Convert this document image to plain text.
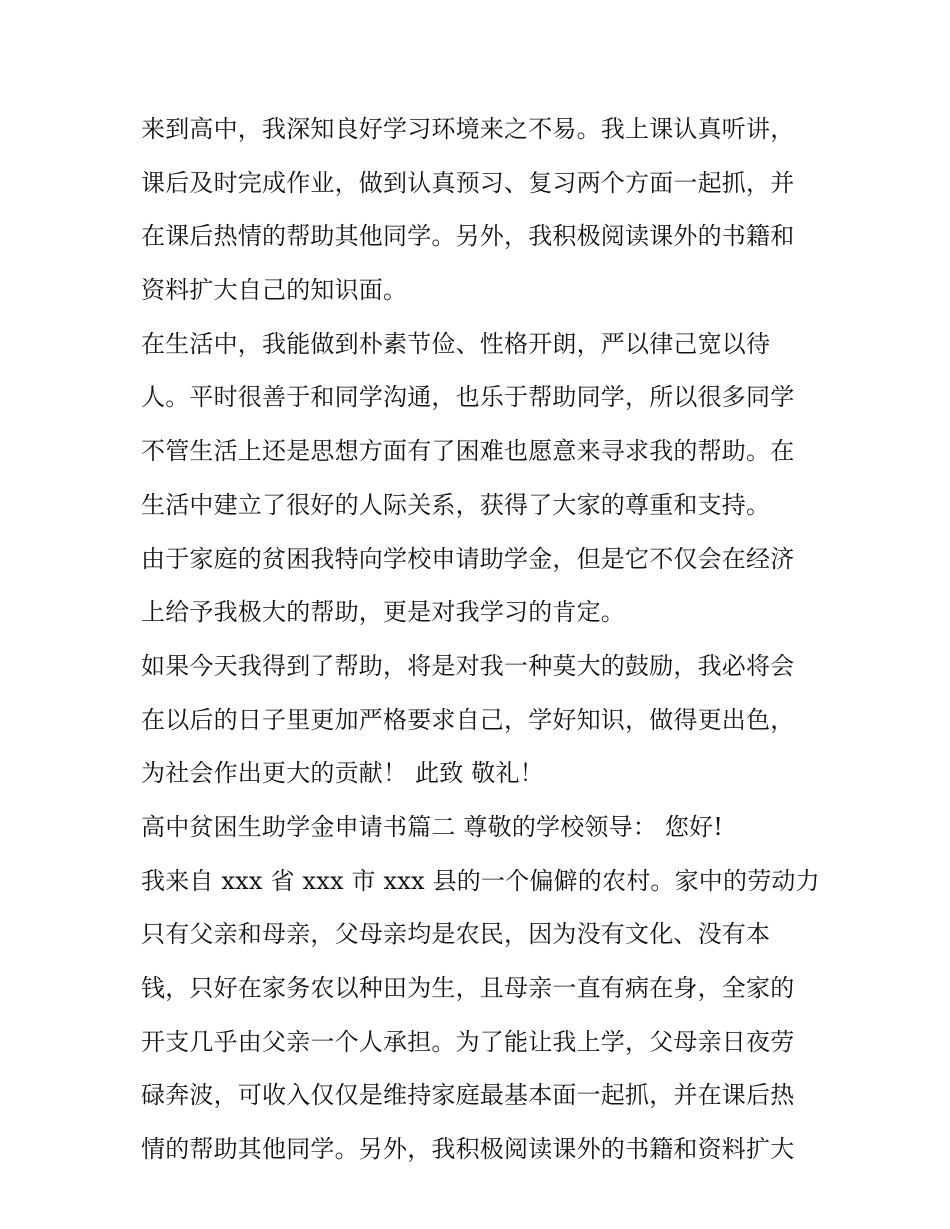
来到高中，我深知良好学习环境来之不易。我上课认真听讲，
课后及时完成作业，做到认真预习、复习两个方面一起抓，并
在课后热情的帮助其他同学。另外，我积极阅读课外的书籍和
资料扩大自己的知识面。
在生活中，我能做到朴素节俭、性格开朗，严以律己宽以待
人。平时很善于和同学沟通，也乐于帮助同学，所以很多同学
不管生活上还是思想方面有了困难也愿意来寻求我的帮助。在
生活中建立了很好的人际关系，获得了大家的尊重和支持。
由于家庭的贫困我特向学校申请助学金，但是它不仅会在经济
上给予我极大的帮助，更是对我学习的肯定。
如果今天我得到了帮助，将是对我一种莫大的鼓励，我必将会
在以后的日子里更加严格要求自己，学好知识，做得更出色，
为社会作出更大的贡献！ 此致 敬礼！
高中贫困生助学金申请书篇二 尊敬的学校领导： 您好!
我来自 xxx 省 xxx 市 xxx 县的一个偏僻的农村。家中的劳动力
只有父亲和母亲，父母亲均是农民，因为没有文化、没有本
钱，只好在家务农以种田为生，且母亲一直有病在身，全家的
开支几乎由父亲一个人承担。为了能让我上学，父母亲日夜劳
碌奔波，可收入仅仅是维持家庭最基本面一起抓，并在课后热
情的帮助其他同学。另外，我积极阅读课外的书籍和资料扩大
